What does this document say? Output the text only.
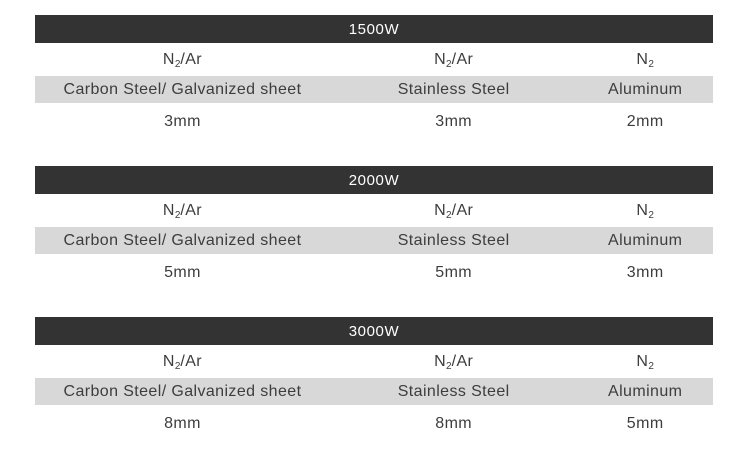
1500W
N 2 /Ar	N 2 /Ar	N 2
Carbon Steel/ Galvanized sheet	Stainless Steel	Aluminum
3mm	3mm	2mm
2000W
N 2 /Ar	N 2 /Ar	N 2
Carbon Steel/ Galvanized sheet	Stainless Steel	Aluminum
5mm	5mm	3mm
3000W
N 2 /Ar	N 2 /Ar	N 2
Carbon Steel/ Galvanized sheet	Stainless Steel	Aluminum
8mm	8mm	5mm
